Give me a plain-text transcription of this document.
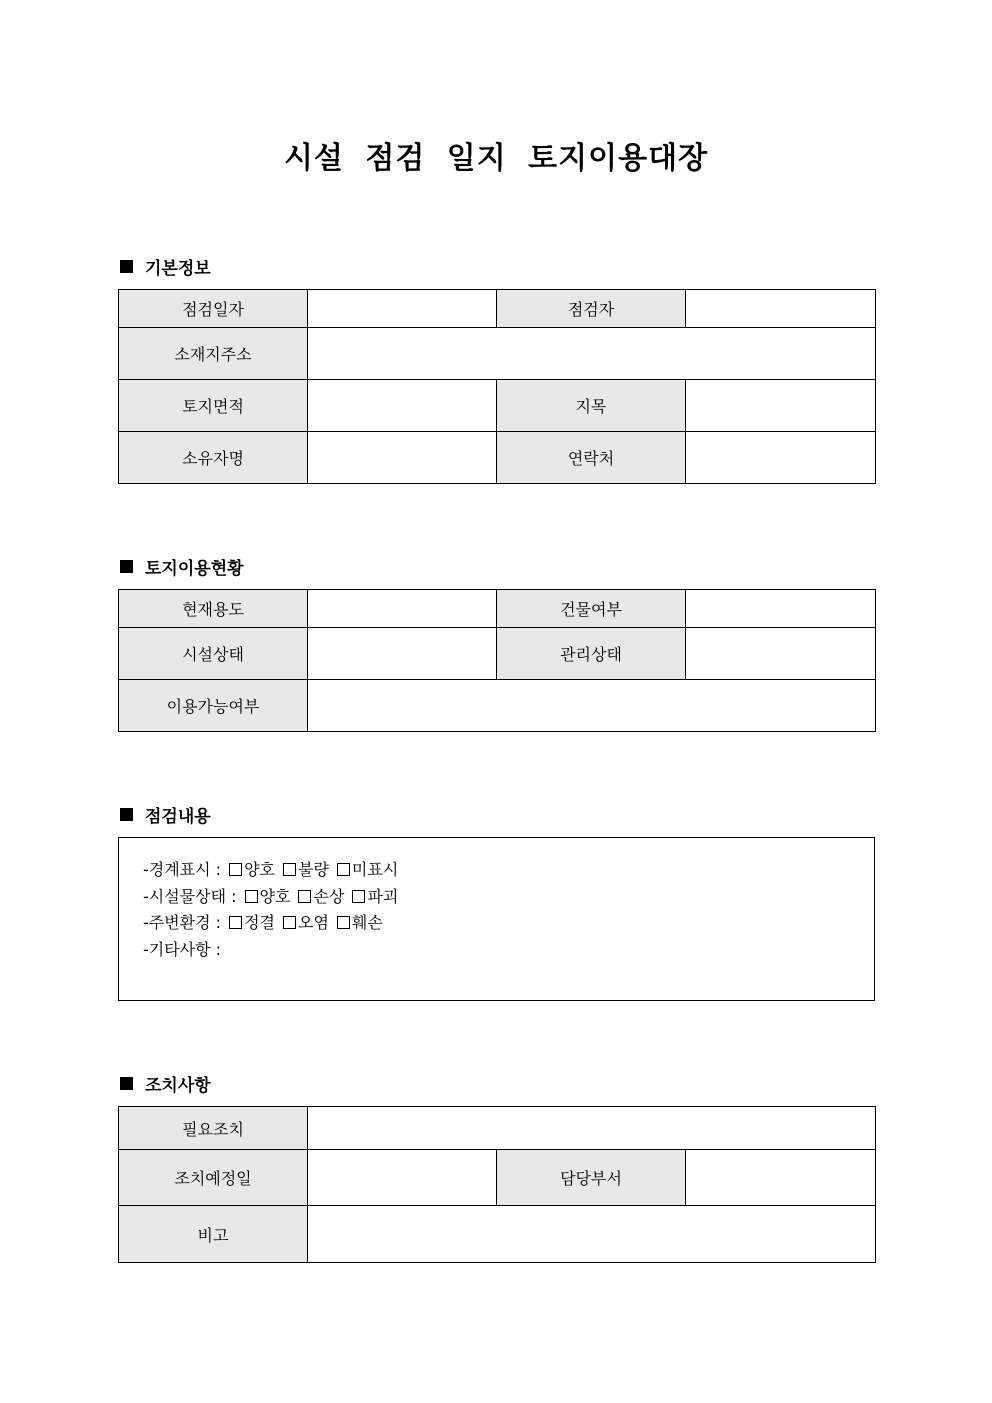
시설 점검 일지 토지이용대장
기본정보
점검일자		점검자	
소재지주소			
토지면적		지목	
소유자명		연락처	
토지이용현황
현재용도		건물여부	
시설상태		관리상태	
이용가능여부			
점검내용
-경계표시 : 양호 불량 미표시
-시설물상태 : 양호 손상 파괴
-주변환경 : 정결 오염 훼손
-기타사항 :
조치사항
필요조치			
조치예정일		담당부서	
비고			
